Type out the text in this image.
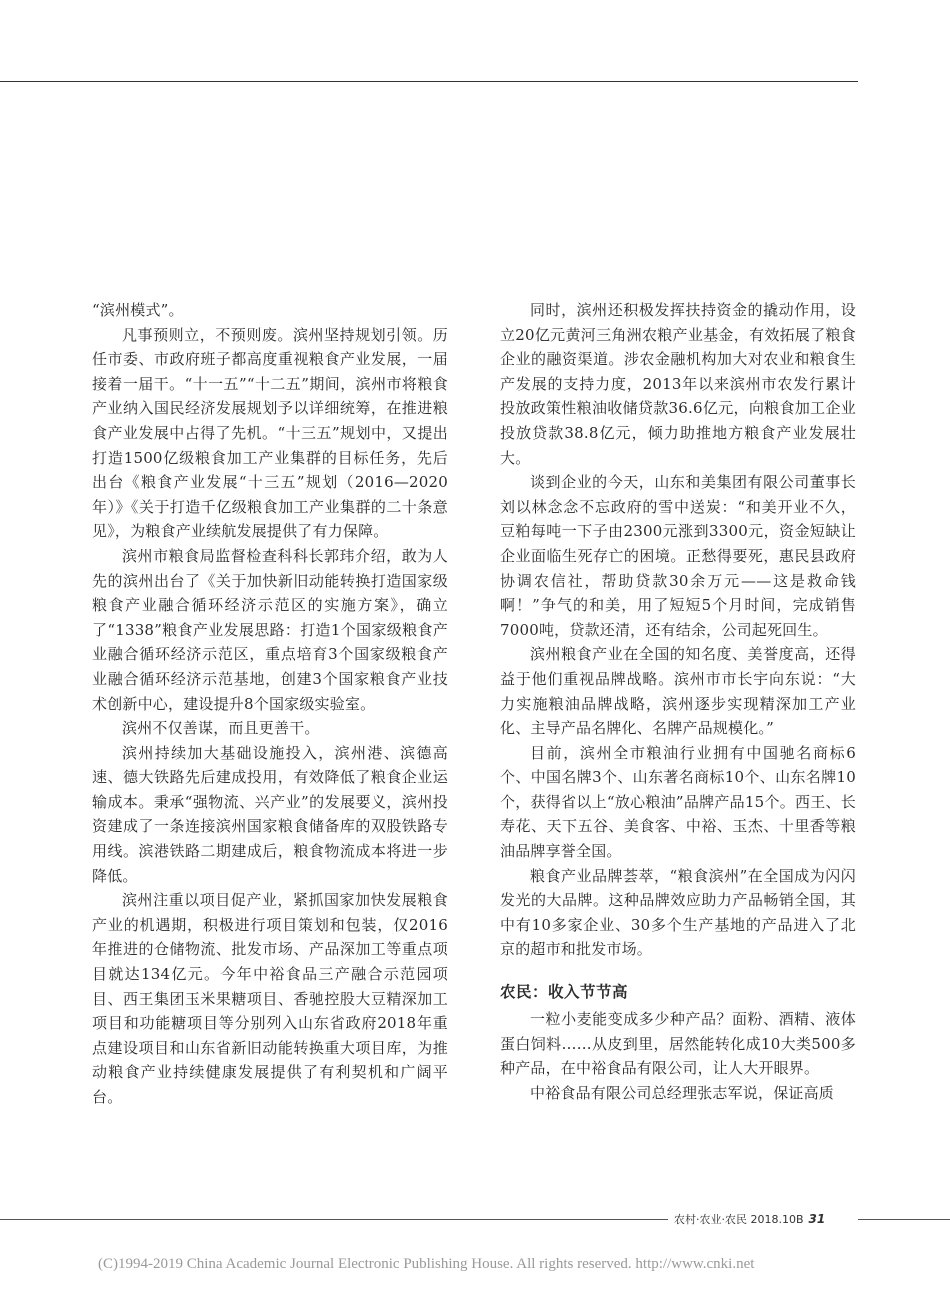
“滨州模式”。

凡事预则立，不预则废。滨州坚持规划引领。历任市委、市政府班子都高度重视粮食产业发展，一届接着一届干。“十一五”“十二五”期间，滨州市将粮食产业纳入国民经济发展规划予以详细统筹，在推进粮食产业发展中占得了先机。“十三五”规划中，又提出打造1500亿级粮食加工产业集群的目标任务，先后出台《粮食产业发展“十三五”规划（2016—2020年）》《关于打造千亿级粮食加工产业集群的二十条意见》，为粮食产业续航发展提供了有力保障。

滨州市粮食局监督检查科科长郭玮介绍，敢为人先的滨州出台了《关于加快新旧动能转换打造国家级粮食产业融合循环经济示范区的实施方案》，确立了“1338”粮食产业发展思路：打造1个国家级粮食产业融合循环经济示范区，重点培育3个国家级粮食产业融合循环经济示范基地，创建3个国家粮食产业技术创新中心，建设提升8个国家级实验室。

滨州不仅善谋，而且更善干。

滨州持续加大基础设施投入，滨州港、滨德高速、德大铁路先后建成投用，有效降低了粮食企业运输成本。秉承“强物流、兴产业”的发展要义，滨州投资建成了一条连接滨州国家粮食储备库的双股铁路专用线。滨港铁路二期建成后，粮食物流成本将进一步降低。

滨州注重以项目促产业，紧抓国家加快发展粮食产业的机遇期，积极进行项目策划和包装，仅2016年推进的仓储物流、批发市场、产品深加工等重点项目就达134亿元。今年中裕食品三产融合示范园项目、西王集团玉米果糖项目、香驰控股大豆精深加工项目和功能糖项目等分别列入山东省政府2018年重点建设项目和山东省新旧动能转换重大项目库，为推动粮食产业持续健康发展提供了有利契机和广阔平台。

同时，滨州还积极发挥扶持资金的撬动作用，设立20亿元黄河三角洲农粮产业基金，有效拓展了粮食企业的融资渠道。涉农金融机构加大对农业和粮食生产发展的支持力度，2013年以来滨州市农发行累计投放政策性粮油收储贷款36.6亿元，向粮食加工企业投放贷款38.8亿元，倾力助推地方粮食产业发展壮大。

谈到企业的今天，山东和美集团有限公司董事长刘以林念念不忘政府的雪中送炭：“和美开业不久，豆粕每吨一下子由2300元涨到3300元，资金短缺让企业面临生死存亡的困境。正愁得要死，惠民县政府协调农信社，帮助贷款30余万元——这是救命钱啊！”争气的和美，用了短短5个月时间，完成销售7000吨，贷款还清，还有结余，公司起死回生。

滨州粮食产业在全国的知名度、美誉度高，还得益于他们重视品牌战略。滨州市市长宇向东说：“大力实施粮油品牌战略，滨州逐步实现精深加工产业化、主导产品名牌化、名牌产品规模化。”

目前，滨州全市粮油行业拥有中国驰名商标6个、中国名牌3个、山东著名商标10个、山东名牌10个，获得省以上“放心粮油”品牌产品15个。西王、长寿花、天下五谷、美食客、中裕、玉杰、十里香等粮油品牌享誉全国。

粮食产业品牌荟萃，“粮食滨州”在全国成为闪闪发光的大品牌。这种品牌效应助力产品畅销全国，其中有10多家企业、30多个生产基地的产品进入了北京的超市和批发市场。

农民：收入节节高

一粒小麦能变成多少种产品？面粉、酒精、液体蛋白饲料……从皮到里，居然能转化成10大类500多种产品，在中裕食品有限公司，让人大开眼界。

中裕食品有限公司总经理张志军说，保证高质

农村·农业·农民 2018.10B 31
(C)1994-2019 China Academic Journal Electronic Publishing House. All rights reserved. http://www.cnki.net
